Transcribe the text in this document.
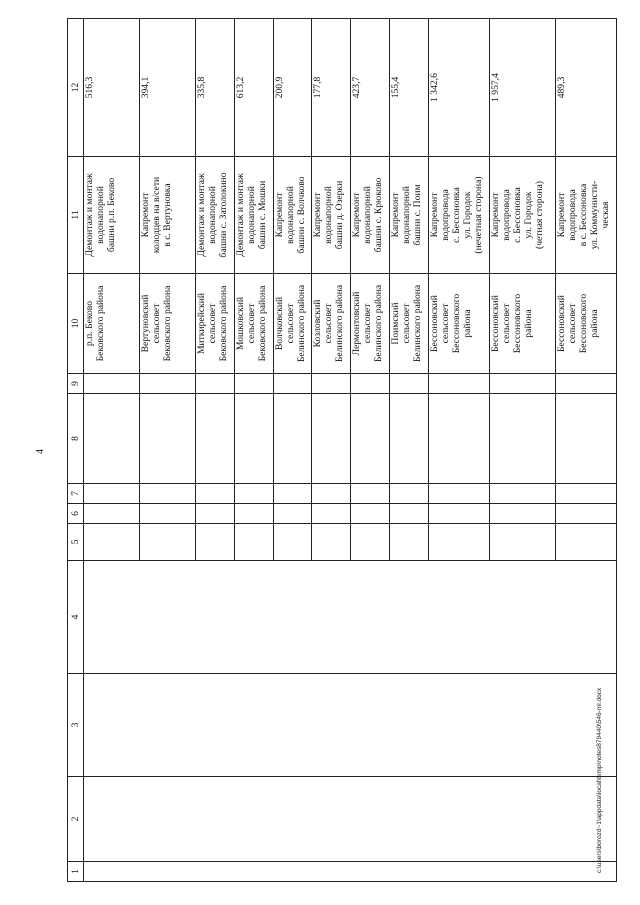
4
1	2	3	4	5	6	7	8	9	10	11	12
									р.п. Беково
Бековского района	Демонтаж и монтаж
водонапорной
башни р.п. Беково	516,3
									Вертуновский
сельсовет
Бековского района	Капремонт
колодцев на в/сети
в с. Вертуновка	394,1
									Миткирейский
сельсовет
Бековского района	Демонтаж и монтаж
водонапорной
башни с. Затолокино	335,8
									Мошковский
сельсовет
Бековского района	Демонтаж и монтаж
водонапорной
башни с. Мошки	613,2
									Волчковский
сельсовет
Белинского района	Капремонт
водонапорной
башни с. Волчково	200,9
									Козловский
сельсовет
Белинского района	Капремонт
водонапорной
башни д. Озерки	177,8
									Лермонтовский
сельсовет
Белинского района	Капремонт
водонапорной
башни с. Крюково	423,7
									Поимский
сельсовет
Белинского района	Капремонт
водонапорной
башни с. Поим	155,4
									Бессоновский
сельсовет
Бессоновского
района	Капремонт
водопровода
с. Бессоновка
ул. Городок
(нечетная сторона)	1 342,6
									Бессоновский
сельсовет
Бессоновского
района	Капремонт
водопровода
с. Бессоновка
ул. Городок
(четная сторона)	1 957,4
									Бессоновский
сельсовет
Бессоновского
района	Капремонт
водопровода
в с. Бессоновка
ул. Коммунисти-
ческая	489,3
c:\users\borozd~1\appdata\local\temp\notes879440\546-ml.docx
